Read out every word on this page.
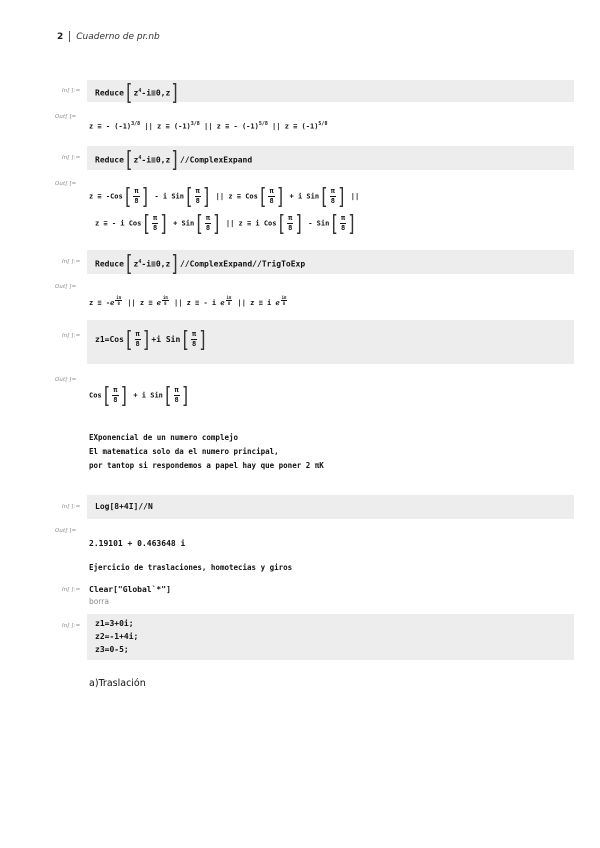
2 Cuaderno de pr.nb
In[ ]:= $Reduce[z^4-i\equiv 0,z]$
Out[ ]=
z ≡ - $(-1)^{3/8}$ || $z \equiv (-1)^{3/8}$ || z ≡ - $(-1)^{5/8}$ || $z \equiv (-1)^{5/8}$
In[ ]:= $Reduce[z^4-i\equiv 0,z]/$/ComplexExpand
Out[ ]=
$z \equiv -Cos[ \frac{\pi}{8}$ ] - i $Sin[ \frac{\pi}{8}$ ] || $z \equiv Cos[ \frac{\pi}{8}$ ] + i $Sin[ \frac{\pi}{8}$ ] ||
z ≡ - i $Cos[ \frac{\pi}{8}$ ] + $Sin[ \frac{\pi}{8}$ ] || z ≡ i $Cos[ \frac{\pi}{8}$ ] - $Sin[ \frac{\pi}{8}$ ]
In[ ]:= $Reduce[z^4-i\equiv 0,z]//ComplexExpand/$/TrigToExp
Out[ ]=
z ≡ -ℯ $^{\frac{i\pi}{8}}$ || z ≡ ℯ $^{\frac{i\pi}{8}}$ || z ≡ - i ℯ $^{\frac{i\pi}{8}}$ || z ≡ i ℯ $^{\frac{i\pi}{8}}$
In[ ]:= $z1=Cos[ \frac{\pi}{8} ]+i$ $Sin[ \frac{\pi}{8}$ ]
Out[ ]=
$Cos[ \frac{\pi}{8}$ ] + i $Sin[ \frac{\pi}{8}$ ]
EXponencial de un numero complejo
El matematica solo da el numero principal,
por tantop si respondemos a papel hay que poner 2 πK
In[ ]:= Log[8+4I]//N
Out[ ]=
2.19101 + 0.463648 i
Ejercicio de traslaciones, homotecias y giros
In[ ]:= Clear["Global`*"]
borra
In[ ]:= z1=3+0i;
z2=-1+4i;
z3=0-5;
a)Traslación
